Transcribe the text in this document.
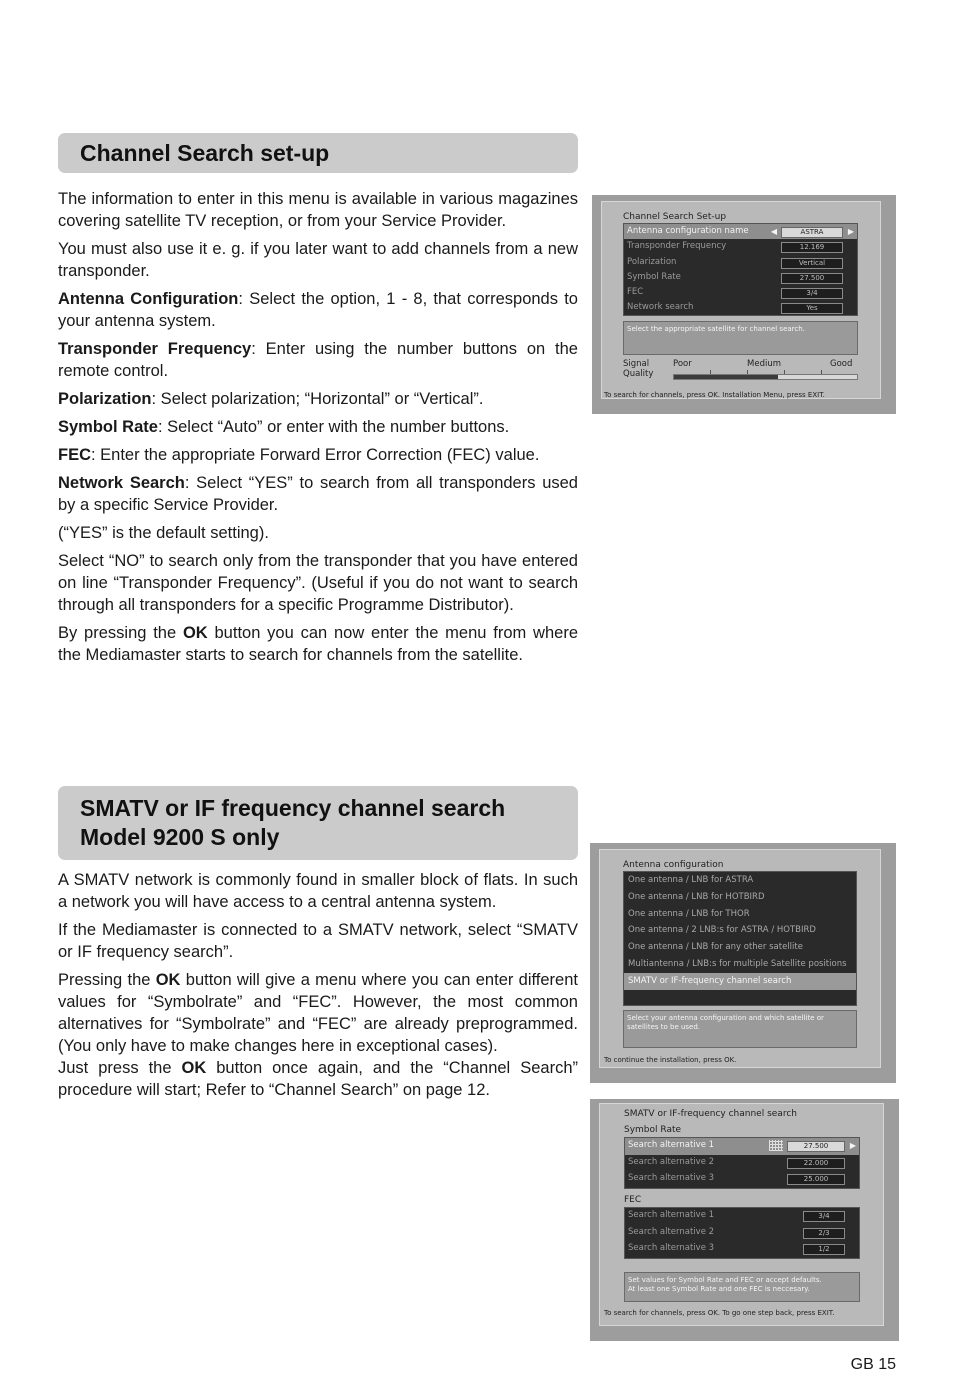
Channel Search set-up

The information to enter in this menu is available in various magazines covering satellite TV reception, or from your Service Provider.

You must also use it e. g. if you later want to add channels from a new transponder.

Antenna Configuration: Select the option, 1 - 8, that corresponds to your antenna system.

Transponder Frequency: Enter using the number buttons on the remote control.

Polarization: Select polarization; “Horizontal” or “Vertical”.

Symbol Rate: Select “Auto” or enter with the number buttons.

FEC: Enter the appropriate Forward Error Correction (FEC) value.

Network Search: Select “YES” to search from all transponders used by a specific Service Provider.

(“YES” is the default setting).

Select “NO” to search only from the transponder that you have entered on line “Transponder Frequency”. (Useful if you do not want to search through all transponders for a specific Programme Distributor).

By pressing the OK button you can now enter the menu from where the Mediamaster starts to search for channels from the satellite.

SMATV or IF frequency channel search
Model 9200 S only

A SMATV network is commonly found in smaller block of flats. In such a network you will have access to a central antenna system.

If the Mediamaster is connected to a SMATV network, select “SMATV or IF frequency search”.

Pressing the OK button will give a menu where you can enter different values for “Symbolrate” and “FEC”. However, the most common alternatives for “Symbolrate” and “FEC” are already preprogrammed. (You only have to make changes here in exceptional cases).

Just press the OK button once again, and the “Channel Search” procedure will start; Refer to “Channel Search” on page 12.

Channel Search Set-up
Antenna configuration name	◀	ASTRA	▶
Transponder Frequency	12.169
Polarization	Vertical
Symbol Rate	27.500
FEC	3/4
Network search	Yes
Select the appropriate satellite for channel search.
Signal
Quality
Poor	Medium	Good
To search for channels, press OK. Installation Menu, press EXIT.
Antenna configuration
One antenna / LNB for ASTRA
One antenna / LNB for HOTBIRD
One antenna / LNB for THOR
One antenna / 2 LNB:s for ASTRA / HOTBIRD
One antenna / LNB for any other satellite
Multiantenna / LNB:s for multiple Satellite positions
SMATV or IF-frequency channel search
Select your antenna configuration and which satellite or satellites to be used.
To continue the installation, press OK.
SMATV or IF-frequency channel search
Symbol Rate
Search alternative 1	27.500	▶
Search alternative 2	22.000
Search alternative 3	25.000
FEC
Search alternative 1	3/4
Search alternative 2	2/3
Search alternative 3	1/2
Set values for Symbol Rate and FEC or accept defaults.
At least one Symbol Rate and one FEC is neccesary.
To search for channels, press OK. To go one step back, press EXIT.
GB 15
